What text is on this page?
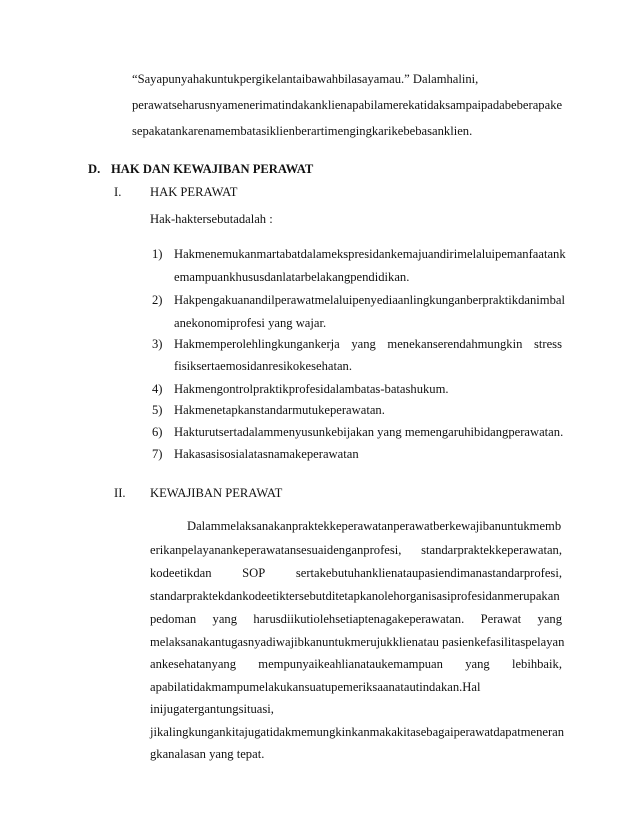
“Sayapunyahakuntukpergikelantaibawahbilasayamau.” Dalamhalini,
perawatseharusnyamenerimatindakanklienapabilamerekatidaksampaipadabeberapake
sepakatankarenamembatasiklienberartimengingkarikebebasanklien.
D. HAK DAN KEWAJIBAN PERAWAT
I. HAK PERAWAT
Hak-haktersebutadalah :
1) Hakmenemukanmartabatdalamekspresidankemajuandirimelaluipemanfaatank
emampuankhususdanlatarbelakangpendidikan.
2) Hakpengakuanandilperawatmelaluipenyediaanlingkunganberpraktikdanimbal
anekonomiprofesi yang wajar.
3) Hakmemperolehlingkungankerja yang menekanserendahmungkin stress
fisiksertaemosidanresikokesehatan.
4) Hakmengontrolpraktikprofesidalambatas-batashukum.
5) Hakmenetapkanstandarmutukeperawatan.
6) Hakturutsertadalammenyusunkebijakan yang memengaruhibidangperawatan.
7) Hakasasisosialatasnamakeperawatan
II. KEWAJIBAN PERAWAT
Dalammelaksanakanpraktekkeperawatanperawatberkewajibanuntukmemb
erikanpelayanankeperawatansesuaidenganprofesi, standarpraktekkeperawatan,
kodeetikdan SOP sertakebutuhanklienatau​pasiendimanastandarprofesi,
standarpraktekdankodeetiktersebutditetapkanolehorganisasiprofesidanmerupakan
pedoman yang harusdiikutiolehsetiaptenagakeperawatan. Perawat yang
melaksanakantugasnyadiwajibkanuntukmerujukklienatau pasienkefasilitaspelayan
ankesehatanyang mempunyaikeahlianataukemampuan yang lebihbaik,
apabilatidakmampumelakukansuatupemeriksaanatautindakan.Hal
inijugatergantungsituasi,
jikalingkungankitajugatidakmemungkinkanmakakitasebagaiperawatdapatmeneran
gkanalasan yang tepat.
